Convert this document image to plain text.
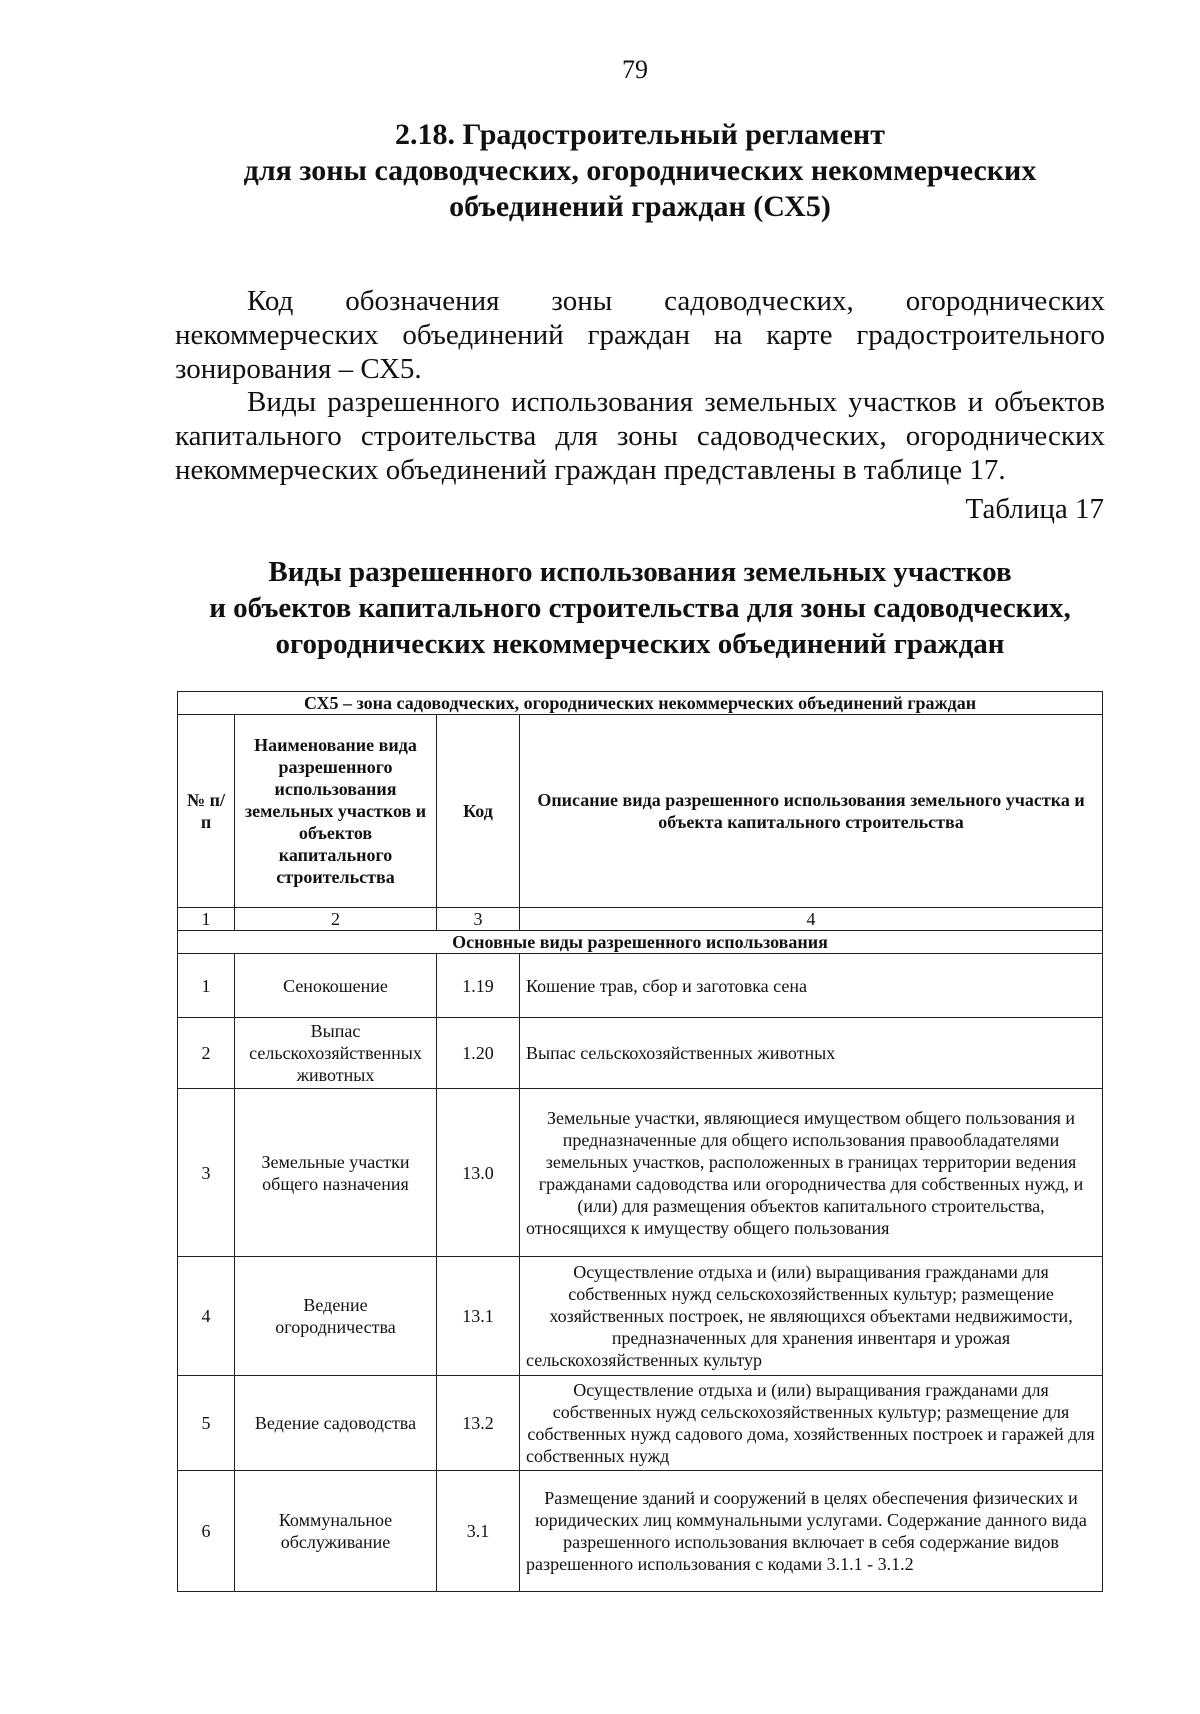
79
2.18. Градостроительный регламент
для зоны садоводческих, огороднических некоммерческих
объединений граждан (СХ5)

Код обозначения зоны садоводческих, огороднических некоммерческих объединений граждан на карте градостроительного зонирования – СХ5.

Виды разрешенного использования земельных участков и объектов капитального строительства для зоны садоводческих, огороднических некоммерческих объединений граждан представлены в таблице 17.

Таблица 17
Виды разрешенного использования земельных участков
и объектов капитального строительства для зоны садоводческих,
огороднических некоммерческих объединений граждан
СХ5 – зона садоводческих, огороднических некоммерческих объединений граждан			
№ п/п	Наименование вида разрешенного использования земельных участков и объектов капитального строительства	Код	Описание вида разрешенного использования земельного участка и объекта капитального строительства
1	2	3	4
Основные виды разрешенного использования			
1	Сенокошение	1.19	Кошение трав, сбор и заготовка сена
2	Выпас сельскохозяйственных животных	1.20	Выпас сельскохозяйственных животных
3	Земельные участки общего назначения	13.0	Земельные участки, являющиеся имуществом общего пользования и предназначенные для общего использования правообладателями земельных участков, расположенных в границах территории ведения гражданами садоводства или огородничества для собственных нужд, и (или) для размещения объектов капитального строительства, относящихся к имуществу общего пользования
4	Ведение огородничества	13.1	Осуществление отдыха и (или) выращивания гражданами для собственных нужд сельскохозяйственных культур; размещение хозяйственных построек, не являющихся объектами недвижимости, предназначенных для хранения инвентаря и урожая сельскохозяйственных культур
5	Ведение садоводства	13.2	Осуществление отдыха и (или) выращивания гражданами для собственных нужд сельскохозяйственных культур; размещение для собственных нужд садового дома, хозяйственных построек и гаражей для собственных нужд
6	Коммунальное обслуживание	3.1	Размещение зданий и сооружений в целях обеспечения физических и юридических лиц коммунальными услугами. Содержание данного вида разрешенного использования включает в себя содержание видов разрешенного использования с кодами 3.1.1 - 3.1.2
